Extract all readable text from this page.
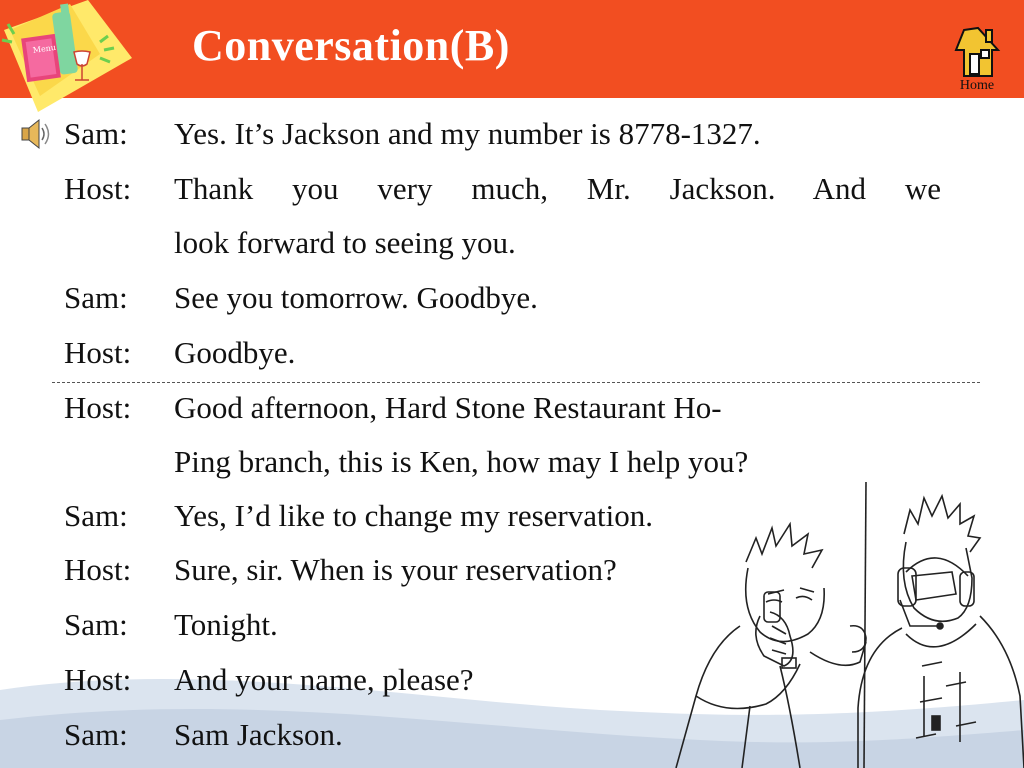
Conversation(B)
Menu
Home
Sam: Yes. It’s Jackson and my number is 8778-1327.
Host: Thank you very much, Mr. Jackson. And we
look forward to seeing you.
Sam: See you tomorrow. Goodbye.
Host: Goodbye.
Host: Good afternoon, Hard Stone Restaurant Ho-
Ping branch, this is Ken, how may I help you?
Sam: Yes, I’d like to change my reservation.
Host: Sure, sir. When is your reservation?
Sam: Tonight.
Host: And your name, please?
Sam: Sam Jackson.
